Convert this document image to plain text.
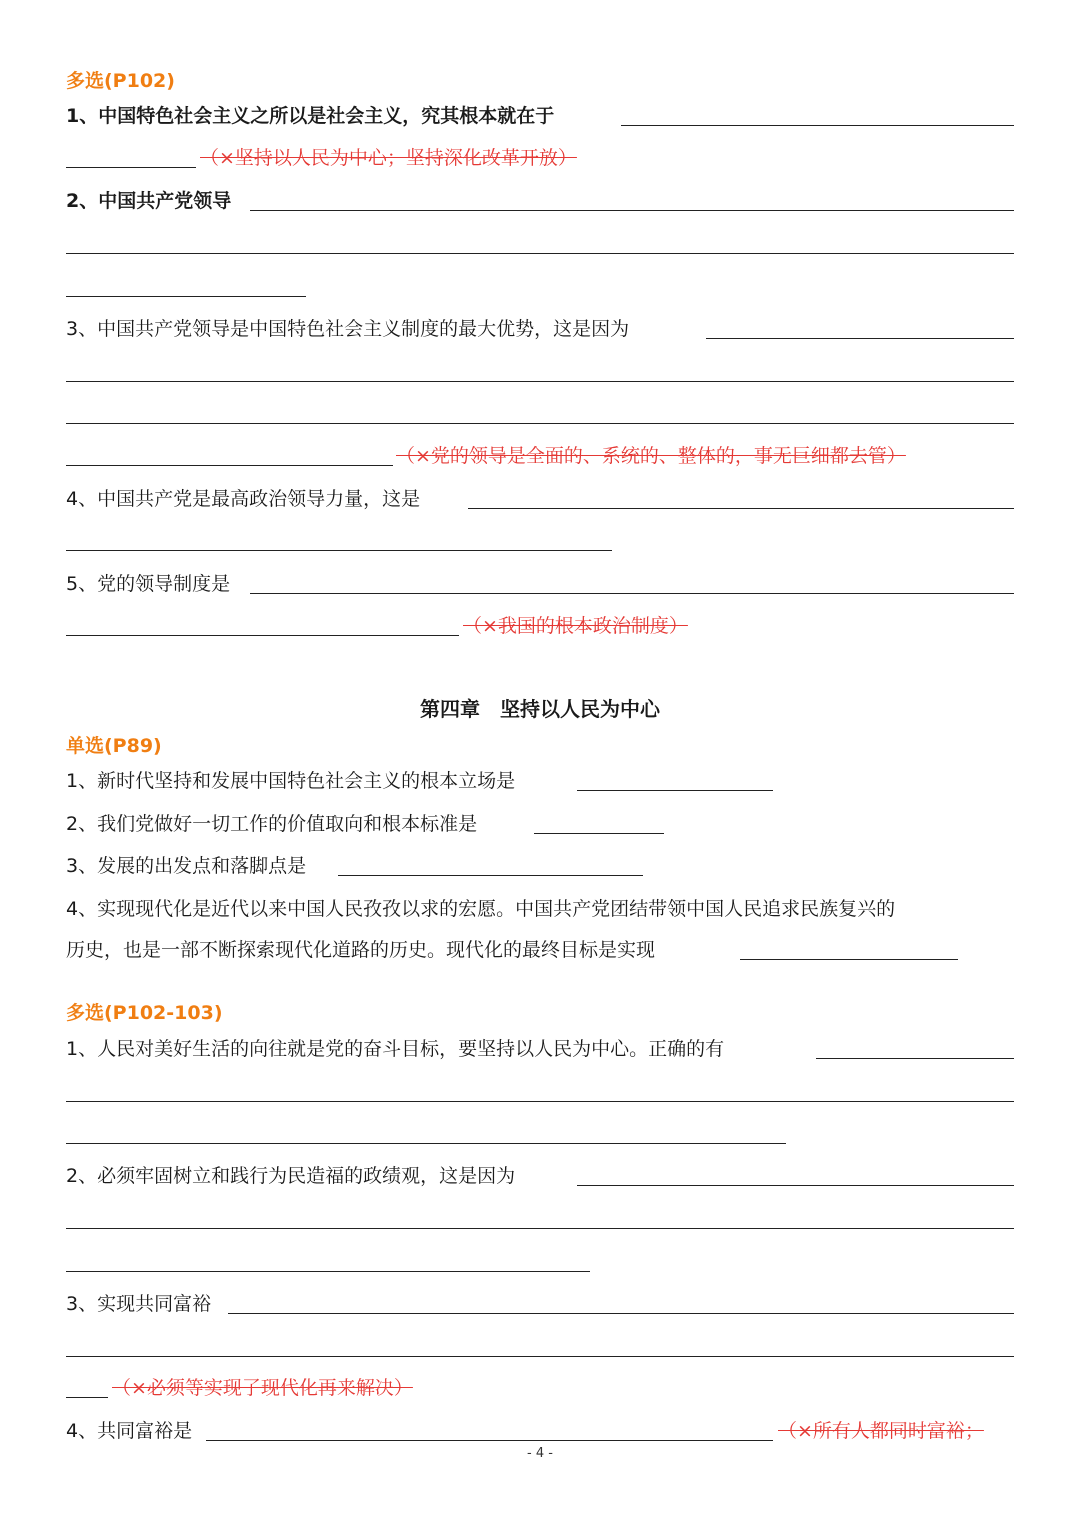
多选(P102)
1、中国特色社会主义之所以是社会主义，究其根本就在于
（×坚持以人民为中心；坚持深化改革开放）
2、中国共产党领导
3、中国共产党领导是中国特色社会主义制度的最大优势，这是因为
（×党的领导是全面的、系统的、整体的，事无巨细都去管）
4、中国共产党是最高政治领导力量，这是
5、党的领导制度是
（×我国的根本政治制度）
第四章　坚持以人民为中心
单选(P89)
1、新时代坚持和发展中国特色社会主义的根本立场是
2、我们党做好一切工作的价值取向和根本标准是
3、发展的出发点和落脚点是
4、实现现代化是近代以来中国人民孜孜以求的宏愿。中国共产党团结带领中国人民追求民族复兴的
历史，也是一部不断探索现代化道路的历史。现代化的最终目标是实现
多选(P102-103)
1、人民对美好生活的向往就是党的奋斗目标，要坚持以人民为中心。正确的有
2、必须牢固树立和践行为民造福的政绩观，这是因为
3、实现共同富裕
（×必须等实现了现代化再来解决）
4、共同富裕是	（×所有人都同时富裕；
- 4 -
